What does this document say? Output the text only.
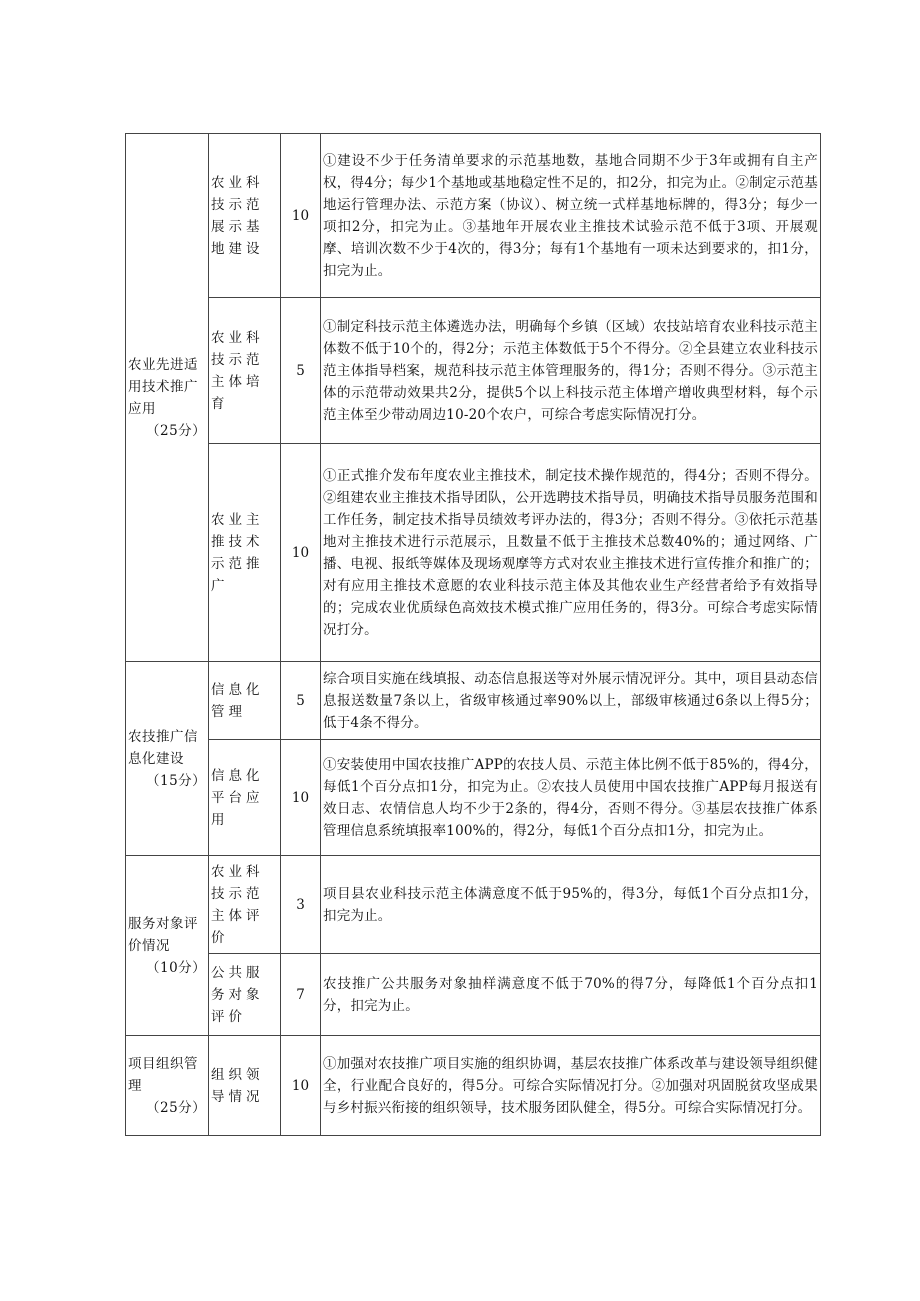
农业先进适用技术推广应用
（25分）	农业科技示范展示基地建设	10	①建设不少于任务清单要求的示范基地数，基地合同期不少于3年或拥有自主产权，得4分；每少1个基地或基地稳定性不足的，扣2分，扣完为止。②制定示范基地运行管理办法、示范方案（协议）、树立统一式样基地标牌的，得3分；每少一项扣2分，扣完为止。③基地年开展农业主推技术试验示范不低于3项、开展观摩、培训次数不少于4次的，得3分；每有1个基地有一项未达到要求的，扣1分，扣完为止。
	农业科技示范主体培育	5	①制定科技示范主体遴选办法，明确每个乡镇（区域）农技站培育农业科技示范主体数不低于10个的，得2分；示范主体数低于5个不得分。②全县建立农业科技示范主体指导档案，规范科技示范主体管理服务的，得1分；否则不得分。③示范主体的示范带动效果共2分，提供5个以上科技示范主体增产增收典型材料，每个示范主体至少带动周边10-20个农户，可综合考虑实际情况打分。
	农业主推技术示范推广	10	①正式推介发布年度农业主推技术，制定技术操作规范的，得4分；否则不得分。②组建农业主推技术指导团队，公开选聘技术指导员，明确技术指导员服务范围和工作任务，制定技术指导员绩效考评办法的，得3分；否则不得分。③依托示范基地对主推技术进行示范展示，且数量不低于主推技术总数40%的；通过网络、广播、电视、报纸等媒体及现场观摩等方式对农业主推技术进行宣传推介和推广的；对有应用主推技术意愿的农业科技示范主体及其他农业生产经营者给予有效指导的；完成农业优质绿色高效技术模式推广应用任务的，得3分。可综合考虑实际情况打分。

农技推广信息化建设
（15分）	信息化管理	5	综合项目实施在线填报、动态信息报送等对外展示情况评分。其中，项目县动态信息报送数量7条以上，省级审核通过率90%以上，部级审核通过6条以上得5分；低于4条不得分。
	信息化平台应用	10	①安装使用中国农技推广APP的农技人员、示范主体比例不低于85%的，得4分，每低1个百分点扣1分，扣完为止。②农技人员使用中国农技推广APP每月报送有效日志、农情信息人均不少于2条的，得4分，否则不得分。③基层农技推广体系管理信息系统填报率100%的，得2分，每低1个百分点扣1分，扣完为止。

服务对象评价情况
（10分）	农业科技示范主体评价	3	项目县农业科技示范主体满意度不低于95%的，得3分，每低1个百分点扣1分，扣完为止。
	公共服务对象评价	7	农技推广公共服务对象抽样满意度不低于70%的得7分，每降低1个百分点扣1分，扣完为止。

项目组织管理
（25分）	组织领导情况	10	①加强对农技推广项目实施的组织协调，基层农技推广体系改革与建设领导组织健全，行业配合良好的，得5分。可综合实际情况打分。②加强对巩固脱贫攻坚成果与乡村振兴衔接的组织领导，技术服务团队健全，得5分。可综合实际情况打分。
